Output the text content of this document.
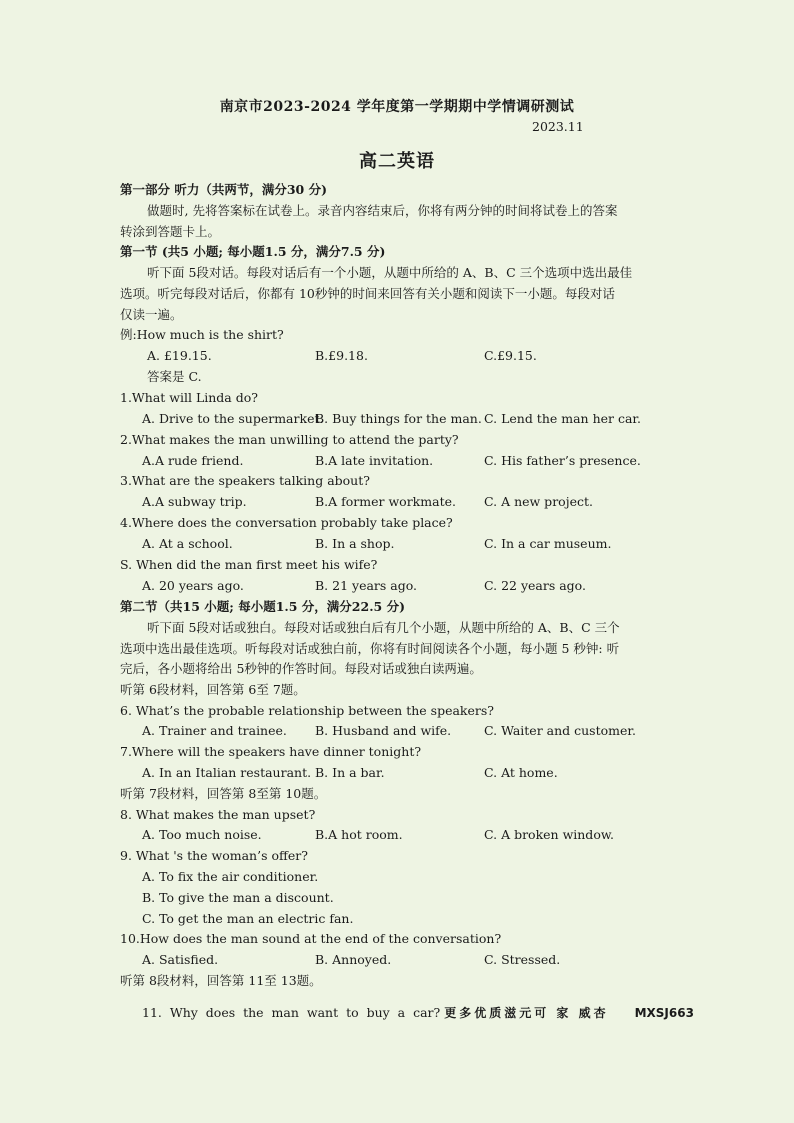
南京市2023-2024 学年度第一学期期中学情调研测试
2023.11
高二英语
第一部分 听力（共两节，满分30 分)
做题时, 先将答案标在试卷上。录音内容结束后，你将有两分钟的时间将试卷上的答案
转涂到答题卡上。
第一节 (共5 小题; 每小题1.5 分，满分7.5 分)
听下面 5段对话。每段对话后有一个小题，从题中所给的 A、B、C 三个选项中选出最佳
选项。听完每段对话后，你都有 10秒钟的时间来回答有关小题和阅读下一小题。每段对话
仅读一遍。
例:How much is the shirt?
A. £19.15.	B.£9.18.	C.£9.15.
答案是 C.
1.What will Linda do?
A. Drive to the supermarket.
B. Buy things for the man. C. Lend the man her car.
2.What makes the man unwilling to attend the party?
A.A rude friend.	B.A late invitation.	C. His father’s presence.
3.What are the speakers talking about?
A.A subway trip.	B.A former workmate. C. A new project.
4.Where does the conversation probably take place?
A. At a school.	B. In a shop.	C. In a car museum.
S. When did the man first meet his wife?
A. 20 years ago.	B. 21 years ago.	C. 22 years ago.
第二节（共15 小题; 每小题1.5 分，满分22.5 分)
听下面 5段对话或独白。每段对话或独白后有几个小题，从题中所给的 A、B、C 三个
选项中选出最佳选项。听每段对话或独白前，你将有时间阅读各个小题，每小题 5 秒钟: 听
完后，各小题将给出 5秒钟的作答时间。每段对话或独白读两遍。
听第 6段材料，回答第 6至 7题。
6. What’s the probable relationship between the speakers?
A. Trainer and trainee. B. Husband and wife.	C. Waiter and customer.
7.Where will the speakers have dinner tonight?
A. In an Italian restaurant. B. In a bar.	C. At home.
听第 7段材料，回答第 8至第 10题。
8. What makes the man upset?
A. Too much noise.	B.A hot room.	C. A broken window.
9. What 's the woman’s offer?
A. To fix the air conditioner.
B. To give the man a discount.
C. To get the man an electric fan.
10.How does the man sound at the end of the conversation?
A. Satisfied.	B. Annoyed.	C. Stressed.
听第 8段材料，回答第 11至 13题。
11. Why does the man want to buy a car? 更多优质滋元可 家 威杏 MXSJ663
